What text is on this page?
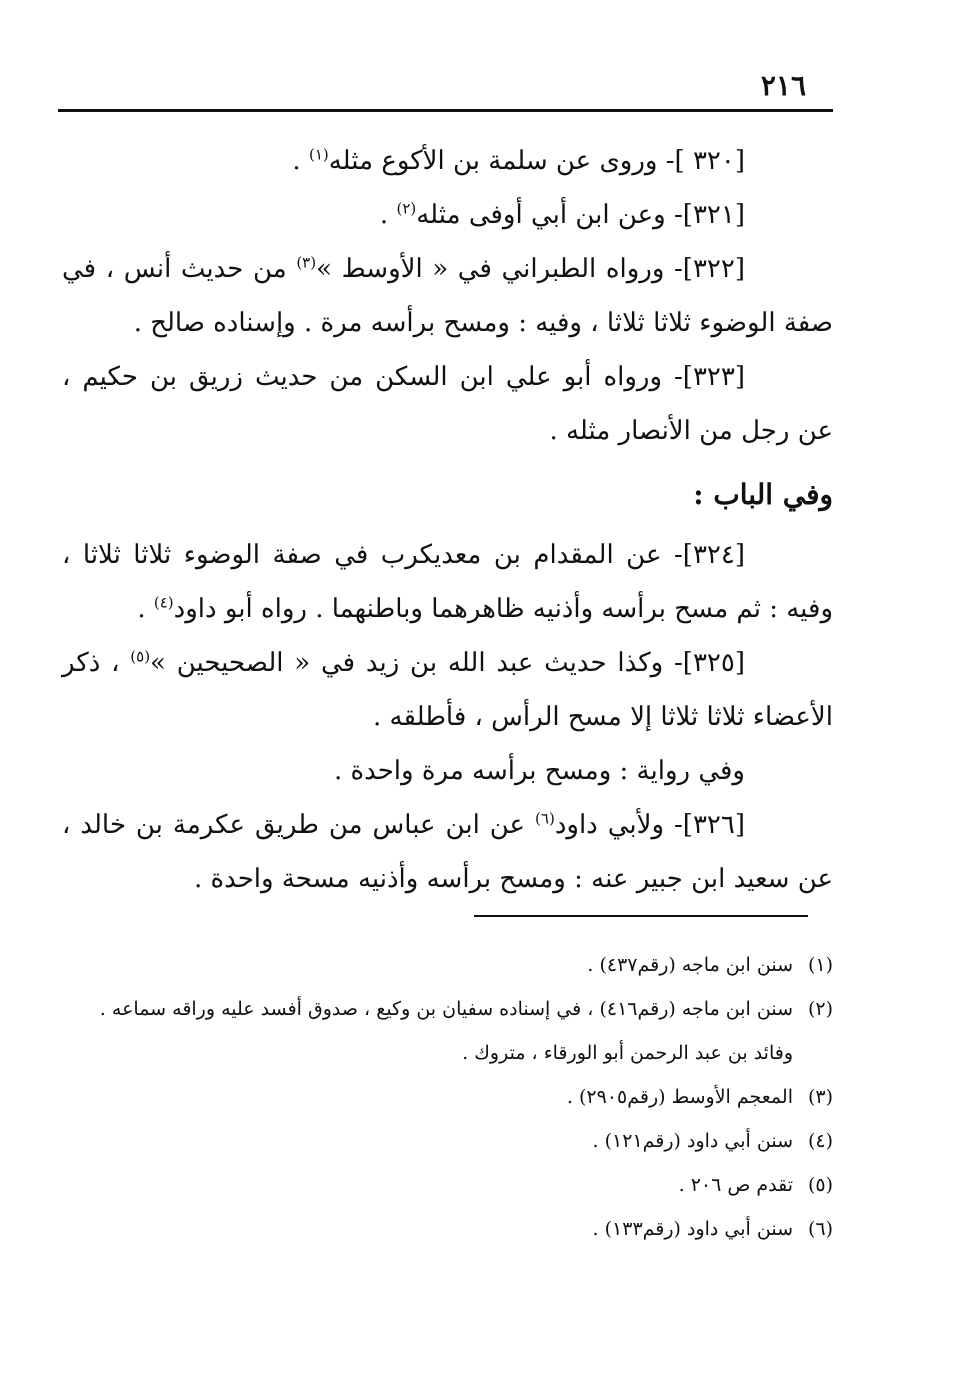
٢١٦

[٣٢٠ ]- وروى عن سلمة بن الأكوع مثله$^{(١)}$ .

[٣٢١]- وعن ابن أبي أوفى مثله$^{(٢)}$ .

[٣٢٢]- ورواه الطبراني في « الأوسط »$^{(٣)}$ من حديث أنس ، في صفة الوضوء ثلاثا ثلاثا ، وفيه : ومسح برأسه مرة . وإسناده صالح .

[٣٢٣]- ورواه أبو علي ابن السكن من حديث زريق بن حكيم ، عن رجل من الأنصار مثله .

وفي الباب :

[٣٢٤]- عن المقدام بن معديكرب في صفة الوضوء ثلاثا ثلاثا ، وفيه : ثم مسح برأسه وأذنيه ظاهرهما وباطنهما . رواه أبو داود$^{(٤)}$ .

[٣٢٥]- وكذا حديث عبد الله بن زيد في « الصحيحين »$^{(٥)}$ ، ذكر الأعضاء ثلاثا ثلاثا إلا مسح الرأس ، فأطلقه .

وفي رواية : ومسح برأسه مرة واحدة .

[٣٢٦]- ولأبي داود$^{(٦)}$ عن ابن عباس من طريق عكرمة بن خالد ، عن سعيد ابن جبير عنه : ومسح برأسه وأذنيه مسحة واحدة .

(١)
سنن ابن ماجه (رقم٤٣٧) .

(٢)
سنن ابن ماجه (رقم٤١٦) ، في إسناده سفيان بن وكيع ، صدوق أفسد عليه وراقه سماعه .
وفائد بن عبد الرحمن أبو الورقاء ، متروك .

(٣)
المعجم الأوسط (رقم٢٩٠٥) .

(٤)
سنن أبي داود (رقم١٢١) .

(٥)
تقدم ص ٢٠٦ .

(٦)
سنن أبي داود (رقم١٣٣) .
